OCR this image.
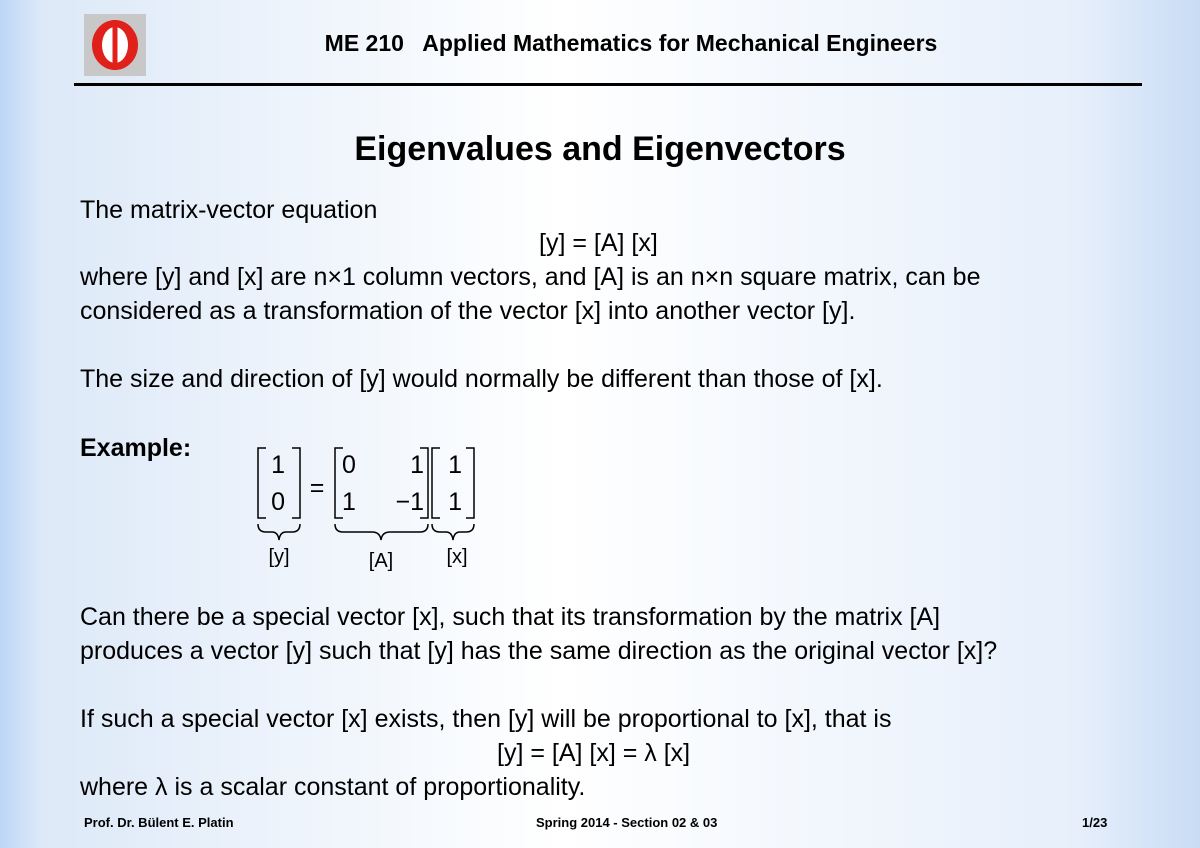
ME 210   Applied Mathematics for Mechanical Engineers
Eigenvalues and Eigenvectors
The matrix-vector equation
[y] = [A] [x]
where [y] and [x] are n×1 column vectors, and [A] is an n×n square matrix, can be
considered as a transformation of the vector [x] into another vector [y].
The size and direction of [y] would normally be different than those of [x].
Example:
1
0 =
0 1
1 −1
1
1
[y]	[A]	[x]
Can there be a special vector [x], such that its transformation by the matrix [A]
produces a vector [y] such that [y] has the same direction as the original vector [x]?
If such a special vector [x] exists, then [y] will be proportional to [x], that is
[y] = [A] [x] = λ [x]
where λ is a scalar constant of proportionality.
Prof. Dr. Bülent E. Platin	Spring 2014 - Section 02 & 03	1/23
